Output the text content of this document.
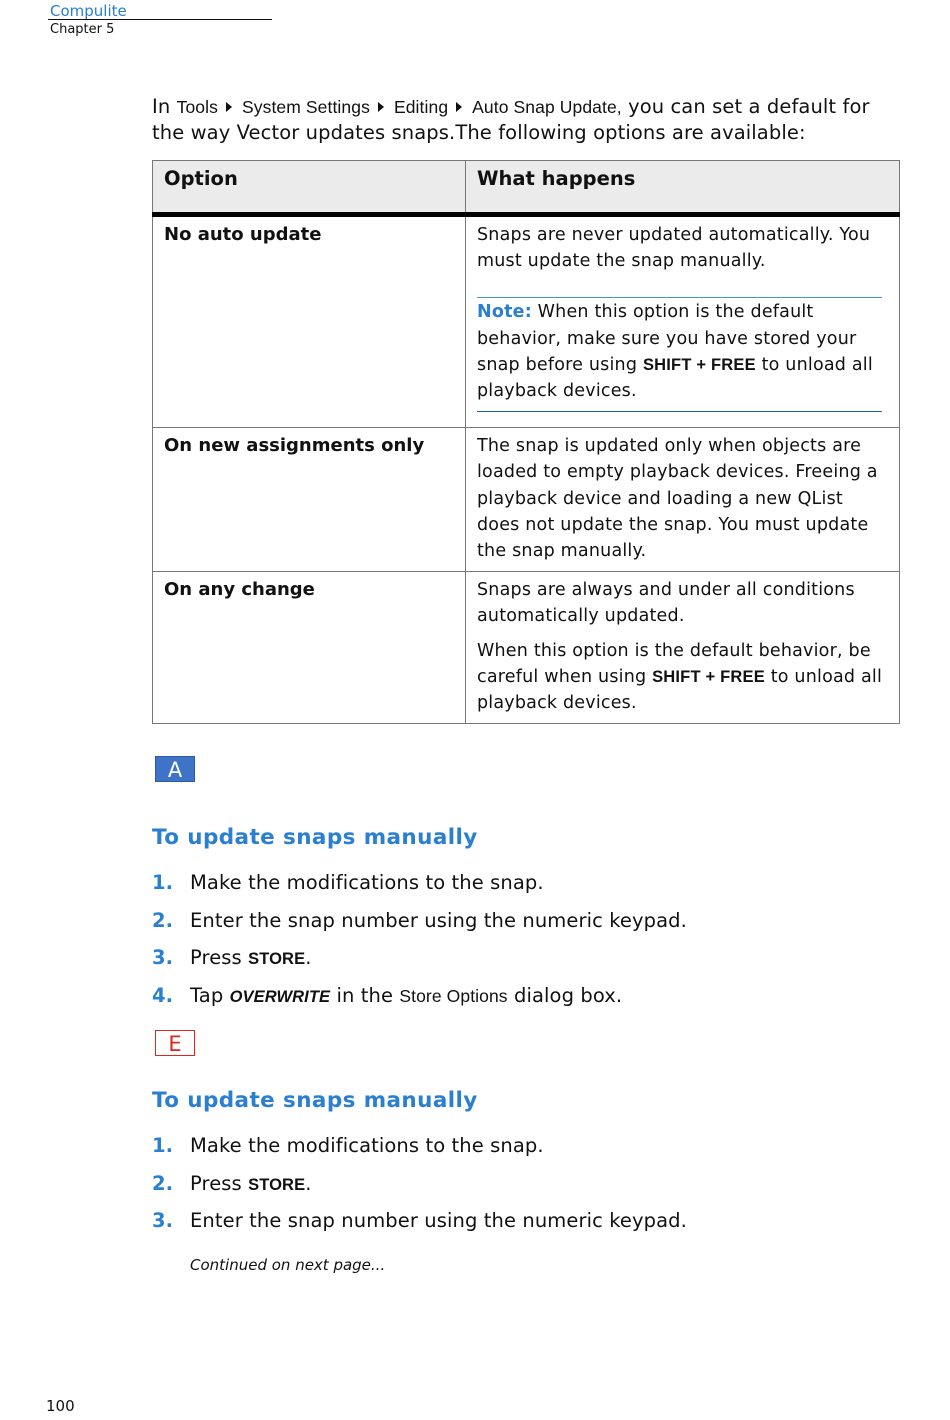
Compulite
Chapter 5

In Tools System Settings Editing Auto Snap Update, you can set a default for the way Vector updates snaps.The following options are available:

Option	What happens
No auto update	Snaps are never updated automatically. You must update the snap manually.
Note: When this option is the default behavior, make sure you have stored your snap before using SHIFT + FREE to unload all playback devices.

On new assignments only	The snap is updated only when objects are loaded to empty playback devices. Freeing a playback device and loading a new QList does not update the snap. You must update the snap manually.
On any change	Snaps are always and under all conditions automatically updated.
When this option is the default behavior, be careful when using SHIFT + FREE to unload all playback devices.
A
To update snaps manually
1. Make the modifications to the snap.
2. Enter the snap number using the numeric keypad.
3. Press STORE.
4. Tap OVERWRITE in the Store Options dialog box.
E
To update snaps manually
1. Make the modifications to the snap.
2. Press STORE.
3. Enter the snap number using the numeric keypad.
Continued on next page...
100
